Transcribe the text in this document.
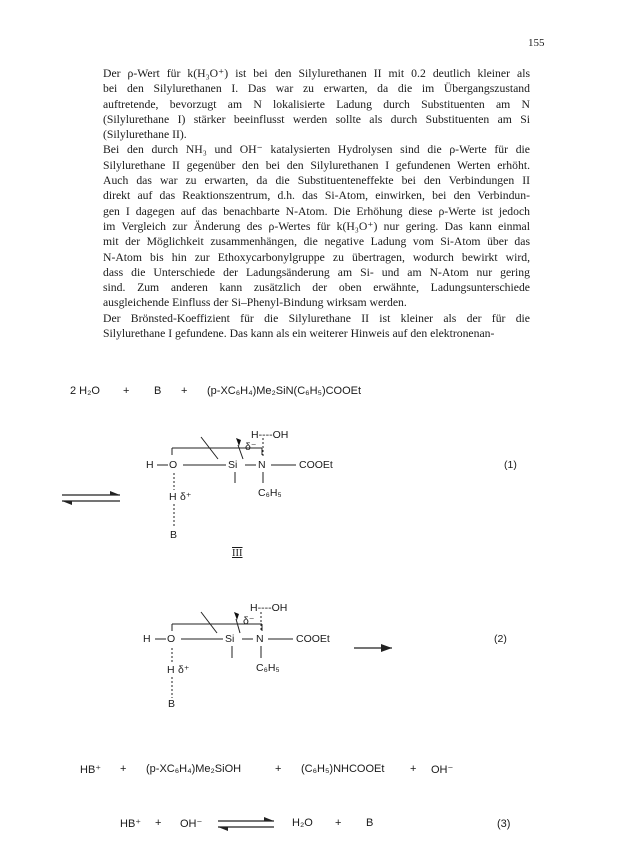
155

Der ρ-Wert für k(H₃O⁺) ist bei den Silylurethanen II mit 0.2 deutlich kleiner als
bei den Silylurethanen I. Das war zu erwarten, da die im Übergangszustand
auftretende, bevorzugt am N lokalisierte Ladung durch Substituenten am N
(Silylurethane I) stärker beeinflusst werden sollte als durch Substituenten am Si
(Silylurethane II).

Bei den durch NH₃ und OH⁻ katalysierten Hydrolysen sind die ρ-Werte für die
Silylurethane II gegenüber den bei den Silylurethanen I gefundenen Werten erhöht.
Auch das war zu erwarten, da die Substituenteneffekte bei den Verbindungen II
direkt auf das Reaktionszentrum, d.h. das Si-Atom, einwirken, bei den Verbindun-
gen I dagegen auf das benachbarte N-Atom. Die Erhöhung diese ρ-Werte ist jedoch
im Vergleich zur Änderung des ρ-Wertes für k(H₃O⁺) nur gering. Das kann einmal
mit der Möglichkeit zusammenhängen, die negative Ladung vom Si-Atom über das
N-Atom bis hin zur Ethoxycarbonylgruppe zu übertragen, wodurch bewirkt wird,
dass die Unterschiede der Ladungsänderung am Si- und am N-Atom nur gering
sind. Zum anderen kann zusätzlich der oben erwähnte, Ladungsunterschiede
ausgleichende Einfluss der Si–Phenyl-Bindung wirksam werden.

Der Brönsted-Koeffizient für die Silylurethane II ist kleiner als der für die
Silylurethane I gefundene. Das kann als ein weiterer Hinweis auf den elektronenan-

2 H₂O + B + (p-XC₆H₄)Me₂SiN(C₆H₅)COOEt
H----OH
δ⁻
H O	Si N	COOEt
C₆H₅
H δ⁺
B
(1)
III
H----OH
δ⁻
H O	Si N	COOEt
C₆H₅
H δ⁺
B
(2)
HB⁺ + (p-XC₆H₄)Me₂SiOH	+ (C₆H₅)NHCOOEt + OH⁻
HB⁺ + OH⁻	H₂O + B	(3)
